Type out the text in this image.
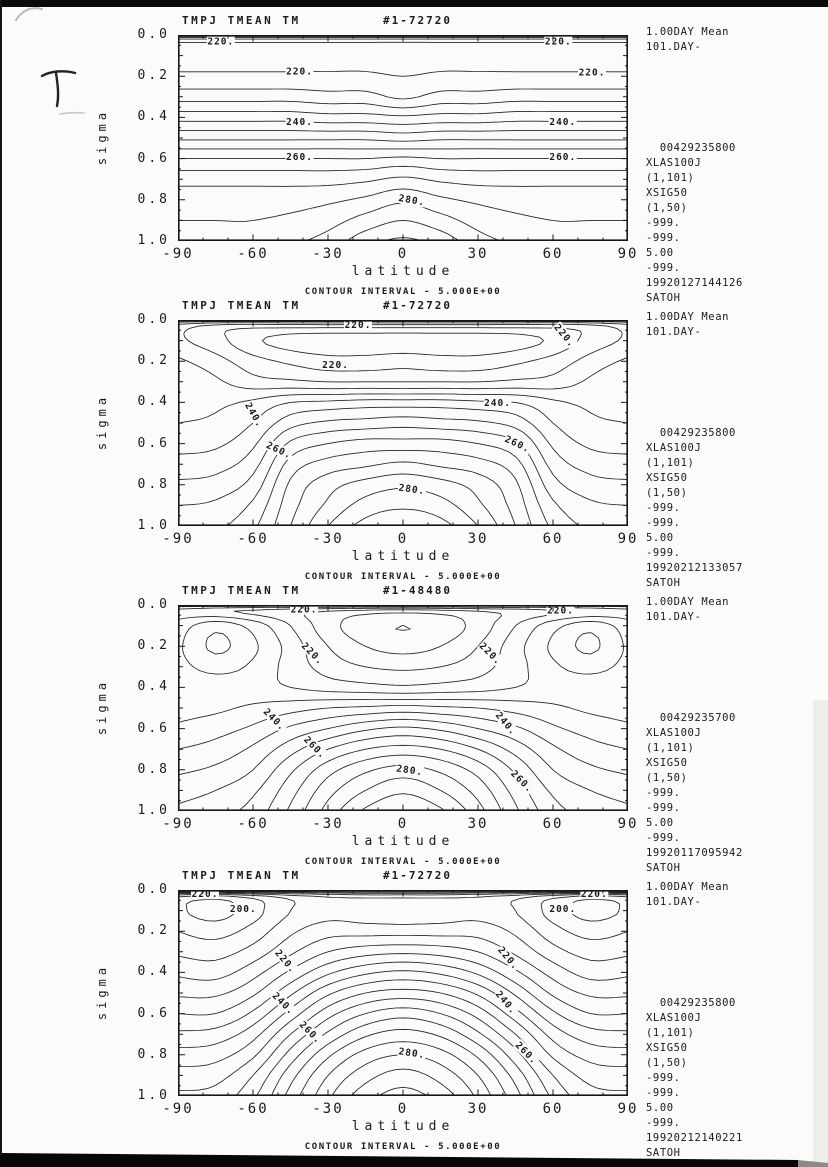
TMPJ TMEAN TM	#1-72720
0.0
0.2
0.4
0.6
0.8
1.0
sigma
-90	-60	-30	0	30	60	90
latitude
CONTOUR INTERVAL - 5.000E+00
1.00DAY Mean
101.DAY-
00429235800
XLAS100J
(1,101)
XSIG50
(1,50)
-999.
-999.
5.00
-999.
19920127144126
SATOH
220.	220.
220.	220.
240.	240.
260.	260.
280.
TMPJ TMEAN TM	#1-72720
0.0
0.2
0.4
0.6
0.8
1.0
sigma
-90	-60	-30	0	30	60	90
latitude
CONTOUR INTERVAL - 5.000E+00
1.00DAY Mean
101.DAY-
00429235800
XLAS100J
(1,101)
XSIG50
(1,50)
-999.
-999.
5.00
-999.
19920212133057
SATOH
220.	220.
220.
240.	240.
260.	260.
280.
TMPJ TMEAN TM	#1-48480
0.0
0.2
0.4
0.6
0.8
1.0
sigma
-90	-60	-30	0	30	60	90
latitude
CONTOUR INTERVAL - 5.000E+00
1.00DAY Mean
101.DAY-
00429235700
XLAS100J
(1,101)
XSIG50
(1,50)
-999.
-999.
5.00
-999.
19920117095942
SATOH
220.	220.
220.	220.
240.	240.
260.
260.
280.
TMPJ TMEAN TM	#1-72720
0.0
0.2
0.4
0.6
0.8
1.0
sigma
-90	-60	-30	0	30	60	90
latitude
CONTOUR INTERVAL - 5.000E+00
1.00DAY Mean
101.DAY-
00429235800
XLAS100J
(1,101)
XSIG50
(1,50)
-999.
-999.
5.00
-999.
19920212140221
SATOH
220.	220.
200.	200.
220.	220.
240.	240.
260.
260.
280.
